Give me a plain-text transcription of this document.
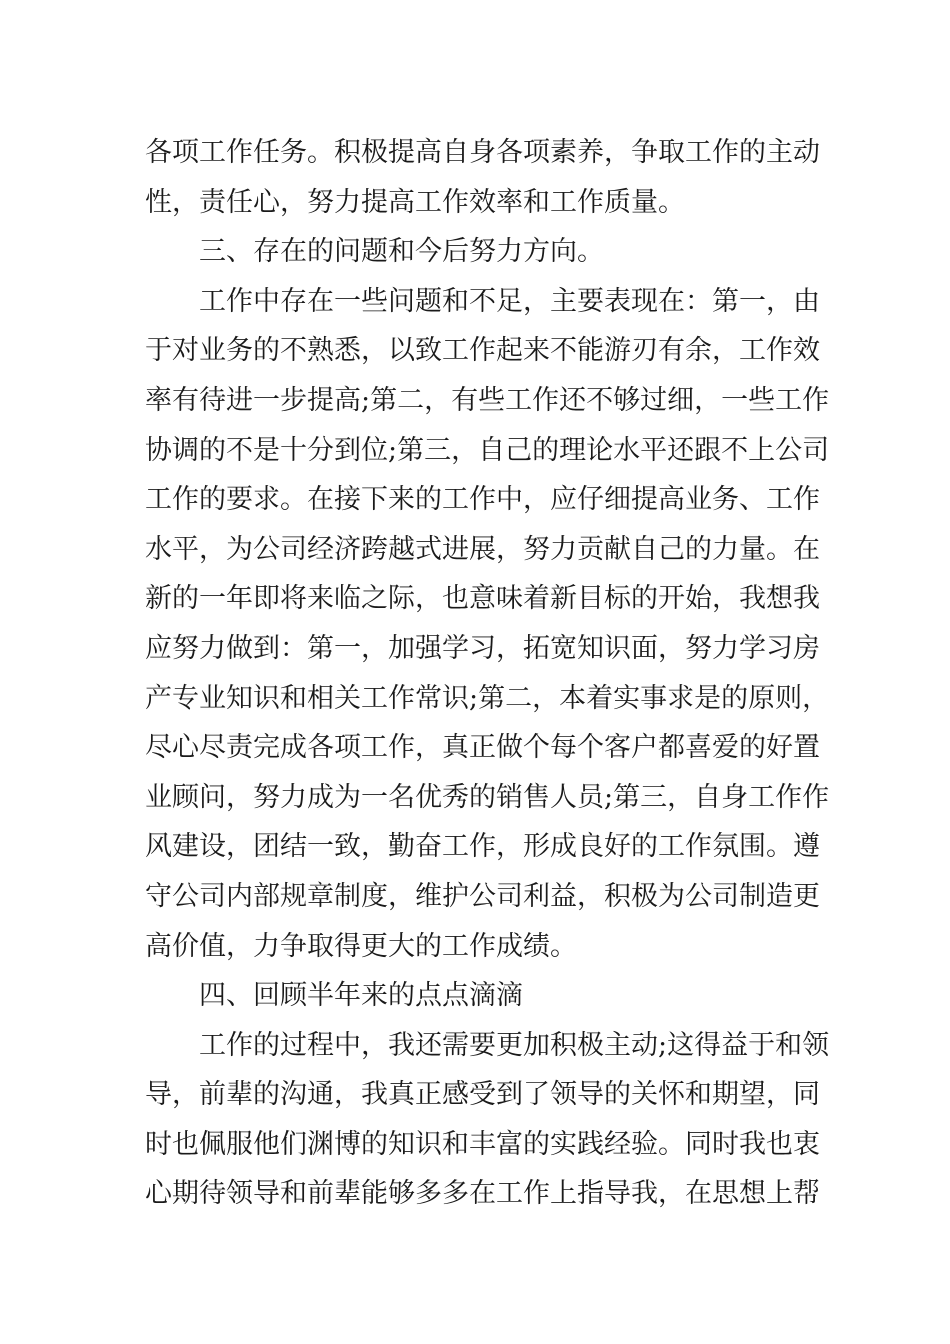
各项工作任务。积极提高自身各项素养，争取工作的主动
性，责任心，努力提高工作效率和工作质量。
三、存在的问题和今后努力方向。
工作中存在一些问题和不足，主要表现在：第一，由
于对业务的不熟悉，以致工作起来不能游刃有余，工作效
率有待进一步提高;第二，有些工作还不够过细，一些工作
协调的不是十分到位;第三，自己的理论水平还跟不上公司
工作的要求。在接下来的工作中，应仔细提高业务、工作
水平，为公司经济跨越式进展，努力贡献自己的力量。在
新的一年即将来临之际，也意味着新目标的开始，我想我
应努力做到：第一，加强学习，拓宽知识面，努力学习房
产专业知识和相关工作常识;第二，本着实事求是的原则，
尽心尽责完成各项工作，真正做个每个客户都喜爱的好置
业顾问，努力成为一名优秀的销售人员;第三，自身工作作
风建设，团结一致，勤奋工作，形成良好的工作氛围。遵
守公司内部规章制度，维护公司利益，积极为公司制造更
高价值，力争取得更大的工作成绩。
四、回顾半年来的点点滴滴
工作的过程中，我还需要更加积极主动;这得益于和领
导，前辈的沟通，我真正感受到了领导的关怀和期望，同
时也佩服他们渊博的知识和丰富的实践经验。同时我也衷
心期待领导和前辈能够多多在工作上指导我，在思想上帮
